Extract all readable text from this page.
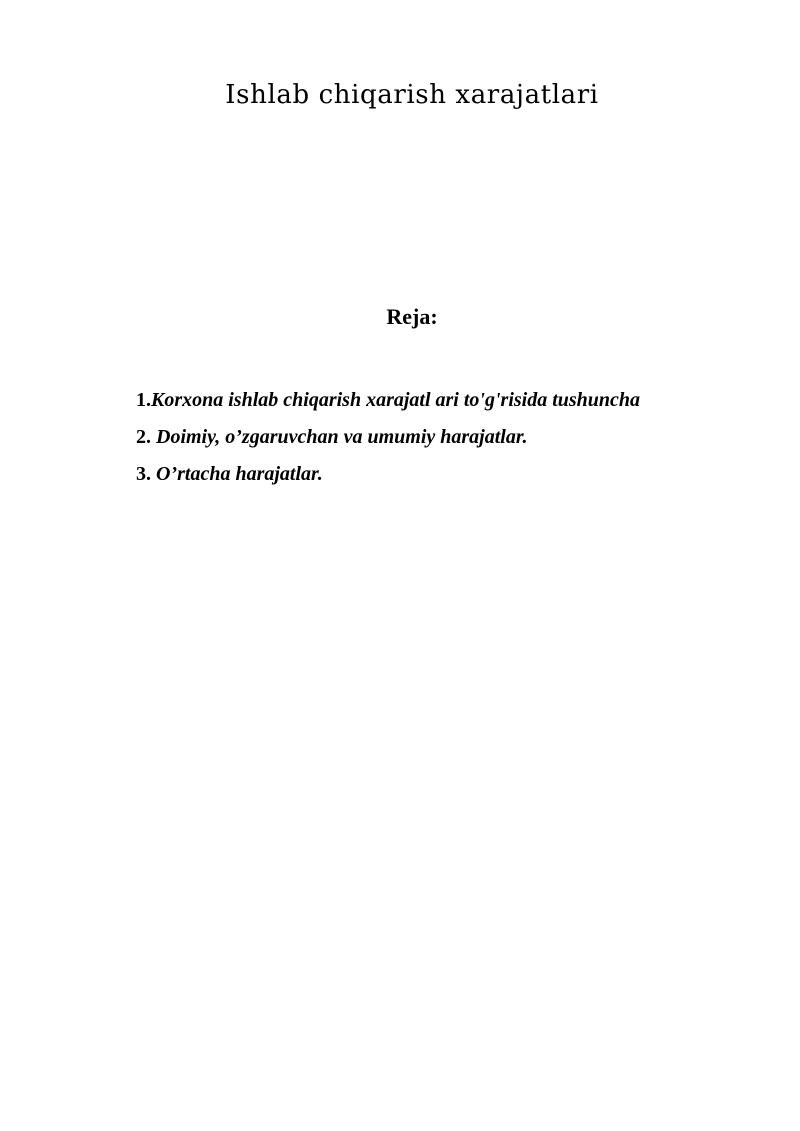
Ishlab chiqarish xarajatlari
Reja:
1.Korxona ishlab chiqarish xarajatl ari to'g'risida tushuncha
2. Doimiy, o’zgaruvchan va umumiy harajatlar.
3. O’rtacha harajatlar.
